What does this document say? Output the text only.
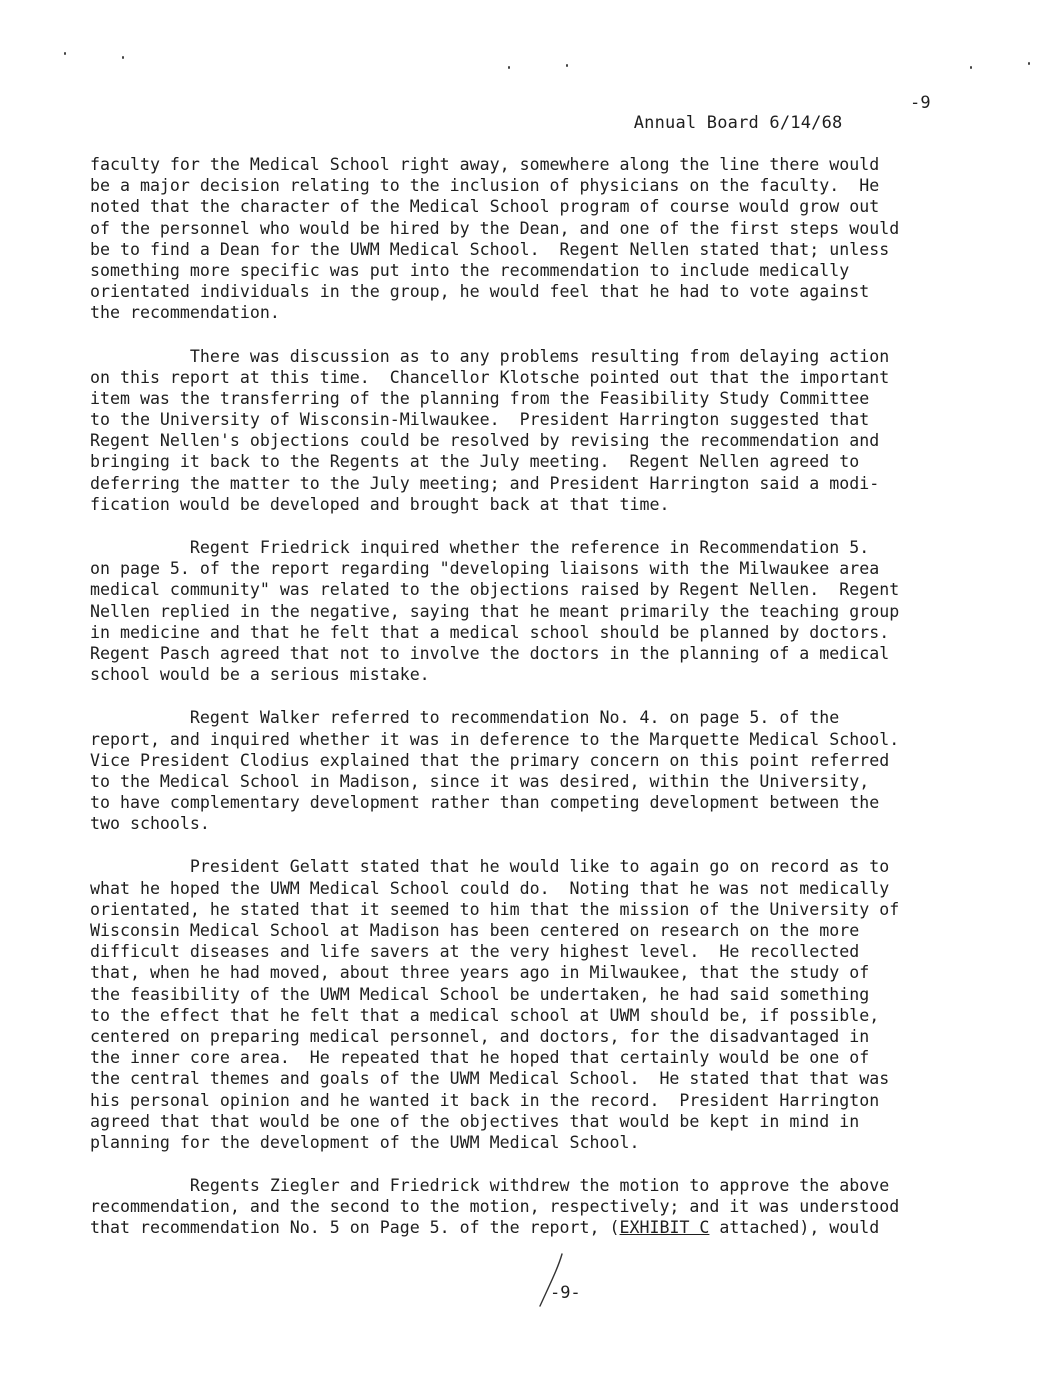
Annual Board 6/14/68

-9

faculty for the Medical School right away, somewhere along the line there would
be a major decision relating to the inclusion of physicians on the faculty.  He
noted that the character of the Medical School program of course would grow out
of the personnel who would be hired by the Dean, and one of the first steps would
be to find a Dean for the UWM Medical School.  Regent Nellen stated that; unless
something more specific was put into the recommendation to include medically
orientated individuals in the group, he would feel that he had to vote against
the recommendation.
There was discussion as to any problems resulting from delaying action
on this report at this time.  Chancellor Klotsche pointed out that the important
item was the transferring of the planning from the Feasibility Study Committee
to the University of Wisconsin-Milwaukee.  President Harrington suggested that
Regent Nellen's objections could be resolved by revising the recommendation and
bringing it back to the Regents at the July meeting.  Regent Nellen agreed to
deferring the matter to the July meeting; and President Harrington said a modi-
fication would be developed and brought back at that time.
Regent Friedrick inquired whether the reference in Recommendation 5.
on page 5. of the report regarding "developing liaisons with the Milwaukee area
medical community" was related to the objections raised by Regent Nellen.  Regent
Nellen replied in the negative, saying that he meant primarily the teaching group
in medicine and that he felt that a medical school should be planned by doctors.
Regent Pasch agreed that not to involve the doctors in the planning of a medical
school would be a serious mistake.
Regent Walker referred to recommendation No. 4. on page 5. of the
report, and inquired whether it was in deference to the Marquette Medical School.
Vice President Clodius explained that the primary concern on this point referred
to the Medical School in Madison, since it was desired, within the University,
to have complementary development rather than competing development between the
two schools.
President Gelatt stated that he would like to again go on record as to
what he hoped the UWM Medical School could do.  Noting that he was not medically
orientated, he stated that it seemed to him that the mission of the University of
Wisconsin Medical School at Madison has been centered on research on the more
difficult diseases and life savers at the very highest level.  He recollected
that, when he had moved, about three years ago in Milwaukee, that the study of
the feasibility of the UWM Medical School be undertaken, he had said something
to the effect that he felt that a medical school at UWM should be, if possible,
centered on preparing medical personnel, and doctors, for the disadvantaged in
the inner core area.  He repeated that he hoped that certainly would be one of
the central themes and goals of the UWM Medical School.  He stated that that was
his personal opinion and he wanted it back in the record.  President Harrington
agreed that that would be one of the objectives that would be kept in mind in
planning for the development of the UWM Medical School.
Regents Ziegler and Friedrick withdrew the motion to approve the above
recommendation, and the second to the motion, respectively; and it was understood
that recommendation No. 5 on Page 5. of the report, (EXHIBIT C attached), would

-9-
